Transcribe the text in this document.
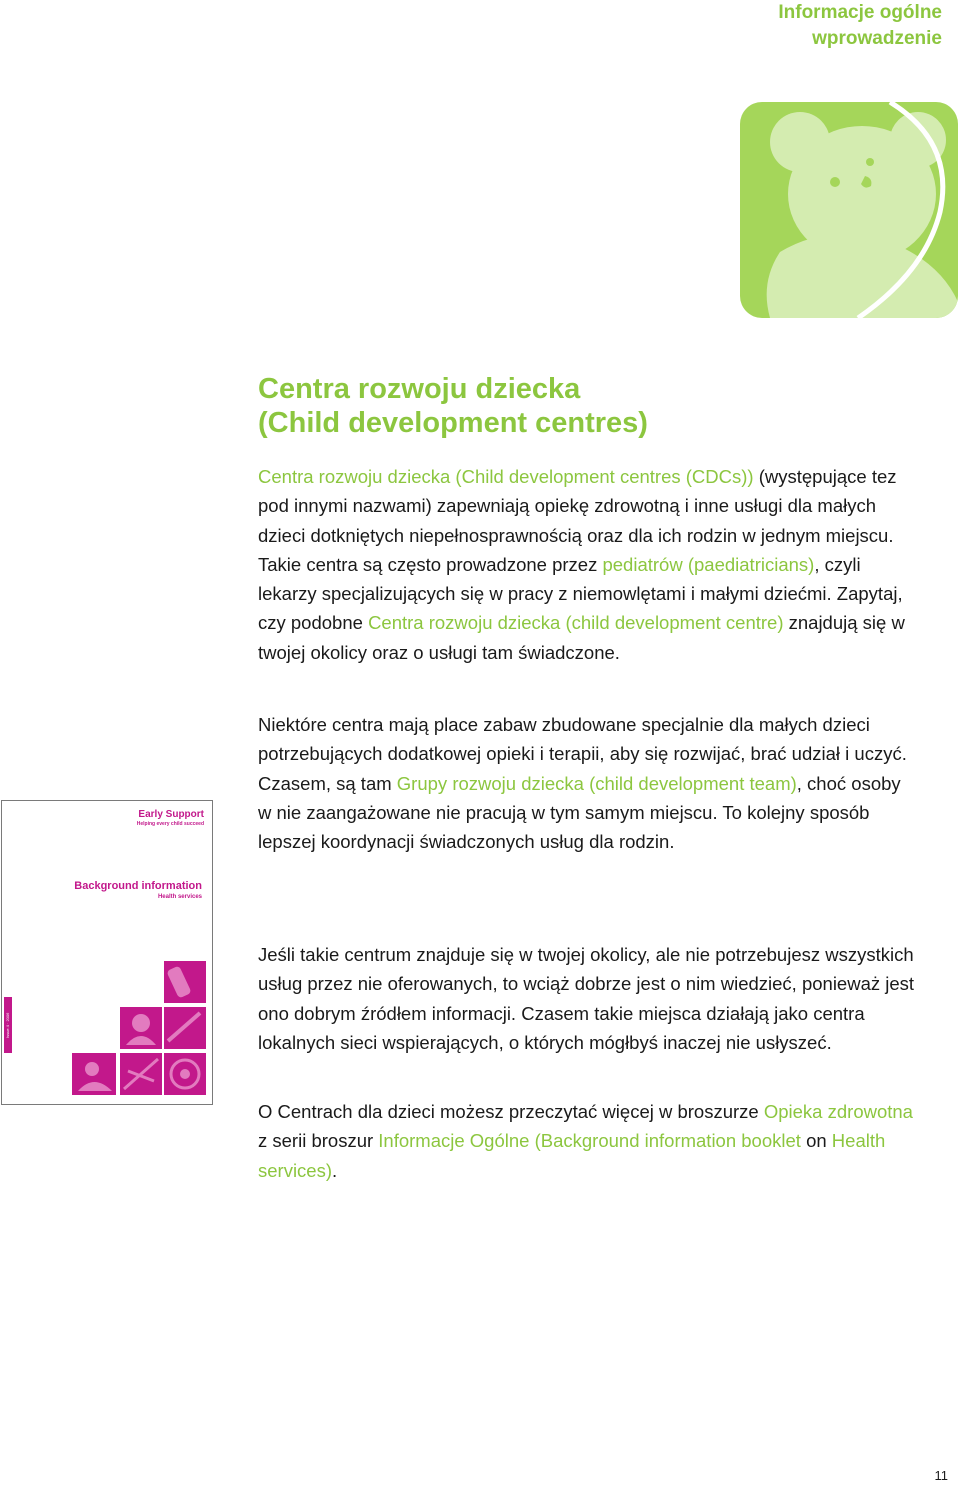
Informacje ogólne
wprowadzenie
Centra rozwoju dziecka
(Child development centres)

Centra rozwoju dziecka (Child development centres (CDCs)) (występujące tez pod innymi nazwami) zapewniają opiekę zdrowotną i inne usługi dla małych dzieci dotkniętych niepełnosprawnością oraz dla ich rodzin w jednym miejscu. Takie centra są często prowadzone przez pediatrów (paediatricians), czyli lekarzy specjalizujących się w pracy z niemowlętami i małymi dziećmi. Zapytaj, czy podobne Centra rozwoju dziecka (child development centre) znajdują się w twojej okolicy oraz o usługi tam świadczone.

Niektóre centra mają place zabaw zbudowane specjalnie dla małych dzieci potrzebujących dodatkowej opieki i terapii, aby się rozwijać, brać udział i uczyć. Czasem, są tam Grupy rozwoju dziecka (child development team), choć osoby w nie zaangażowane nie pracują w tym samym miejscu. To kolejny sposób lepszej koordynacji świadczonych usług dla rodzin.

Early Support
Helping every child succeed
Background information
Health services
Issue 4 · 2006

Jeśli takie centrum znajduje się w twojej okolicy, ale nie potrzebujesz wszystkich usług przez nie oferowanych, to wciąż dobrze jest o nim wiedzieć, ponieważ jest ono dobrym źródłem informacji. Czasem takie miejsca działają jako centra lokalnych sieci wspierających, o których mógłbyś inaczej nie usłyszeć.

O Centrach dla dzieci możesz przeczytać więcej w broszurze Opieka zdrowotna z serii broszur Informacje Ogólne (Background information booklet on Health services).

11
